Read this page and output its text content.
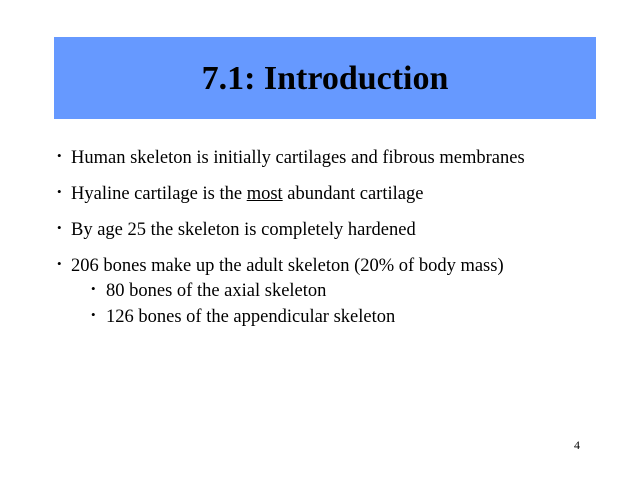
7.1: Introduction
• Human skeleton is initially cartilages and fibrous membranes
• Hyaline cartilage is the most abundant cartilage
• By age 25 the skeleton is completely hardened
• 206 bones make up the adult skeleton (20% of body mass)
• 80 bones of the axial skeleton
• 126 bones of the appendicular skeleton
4
